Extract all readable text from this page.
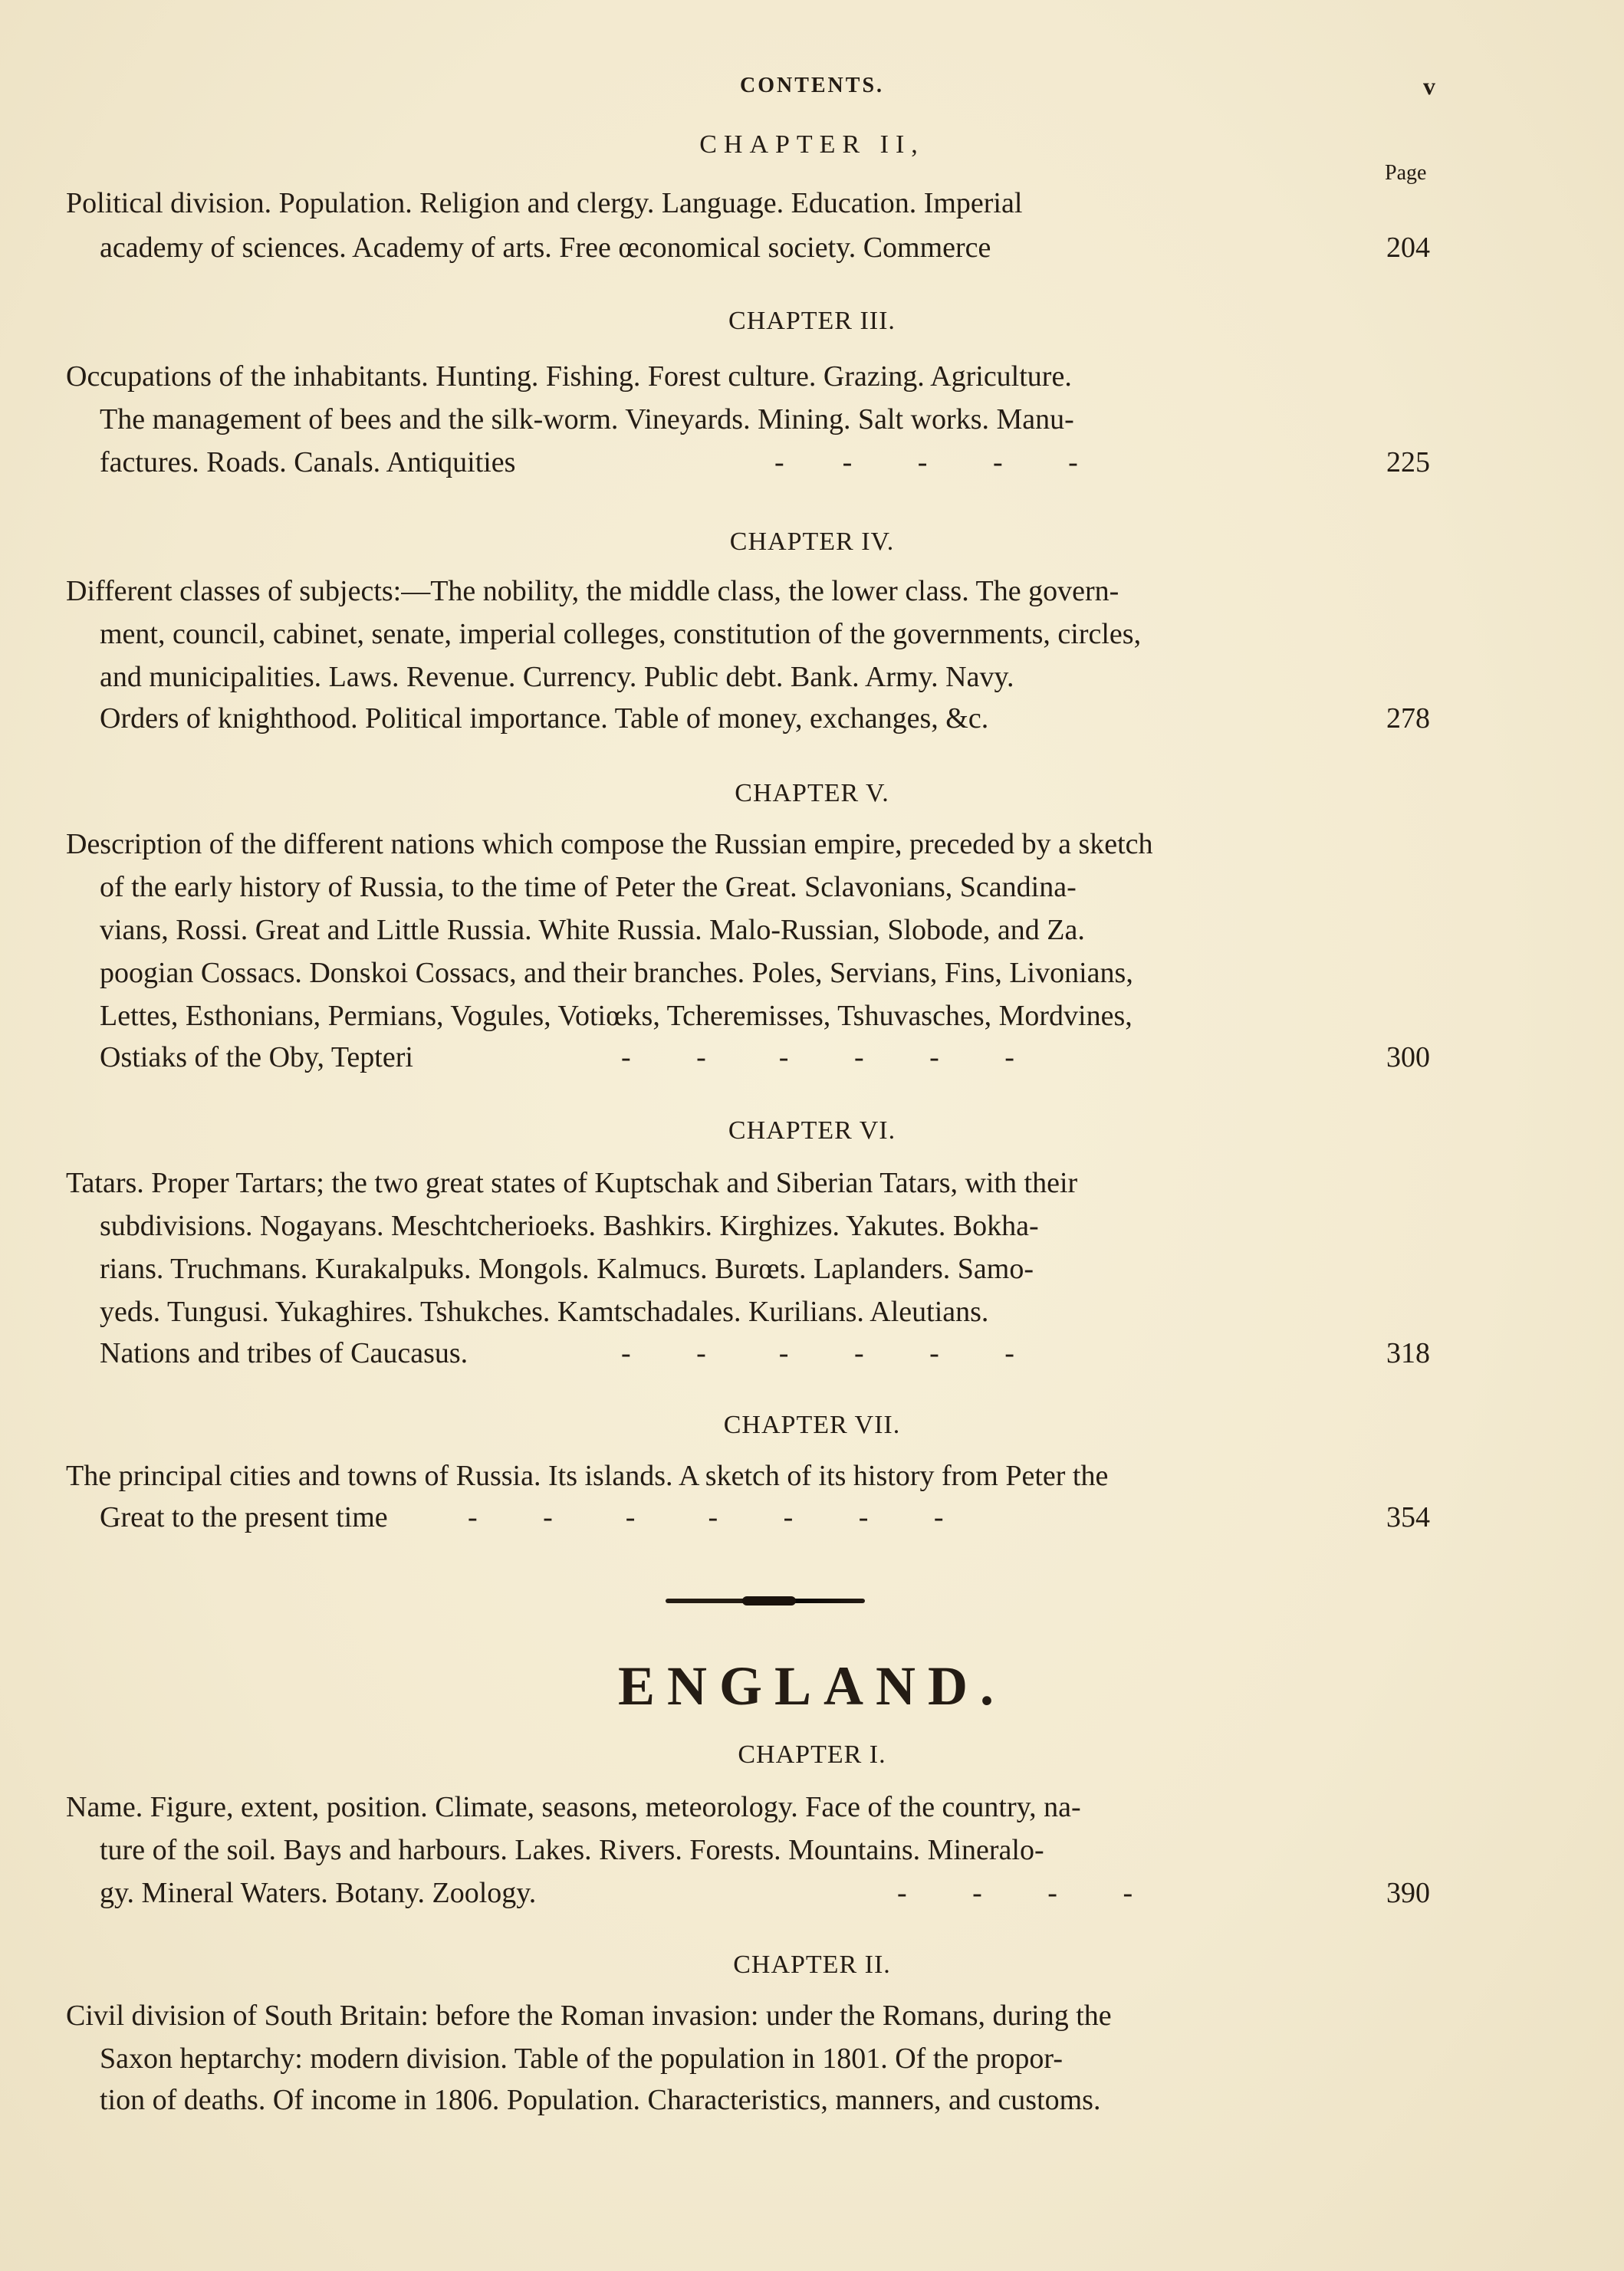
CONTENTS.	v
CHAPTER II,
Page
Political division. Population. Religion and clergy. Language. Education. Imperial
academy of sciences. Academy of arts. Free œconomical society. Commerce	204
CHAPTER III.
Occupations of the inhabitants. Hunting. Fishing. Forest culture. Grazing. Agriculture.
The management of bees and the silk-worm. Vineyards. Mining. Salt works. Manu-
factures. Roads. Canals. Antiquities	-        -         -         -         -	225
CHAPTER IV.
Different classes of subjects:—The nobility, the middle class, the lower class. The govern-
ment, council, cabinet, senate, imperial colleges, constitution of the governments, circles,
and municipalities. Laws. Revenue. Currency. Public debt. Bank. Army. Navy.
Orders of knighthood. Political importance. Table of money, exchanges, &c.	278
CHAPTER V.
Description of the different nations which compose the Russian empire, preceded by a sketch
of the early history of Russia, to the time of Peter the Great. Sclavonians, Scandina-
vians, Rossi. Great and Little Russia. White Russia. Malo-Russian, Slobode, and Za.
poogian Cossacs. Donskoi Cossacs, and their branches. Poles, Servians, Fins, Livonians,
Lettes, Esthonians, Permians, Vogules, Votiœks, Tcheremisses, Tshuvasches, Mordvines,
Ostiaks of the Oby, Tepteri	-         -          -         -         -         -	300
CHAPTER VI.
Tatars. Proper Tartars; the two great states of Kuptschak and Siberian Tatars, with their
subdivisions. Nogayans. Meschtcherioeks. Bashkirs. Kirghizes. Yakutes. Bokha-
rians. Truchmans. Kurakalpuks. Mongols. Kalmucs. Burœts. Laplanders. Samo-
yeds. Tungusi. Yukaghires. Tshukches. Kamtschadales. Kurilians. Aleutians.
Nations and tribes of Caucasus.	-         -          -         -         -         -	318
CHAPTER VII.
The principal cities and towns of Russia. Its islands. A sketch of its history from Peter the
Great to the present time	-         -          -          -         -         -         -	354
ENGLAND.
CHAPTER I.
Name. Figure, extent, position. Climate, seasons, meteorology. Face of the country, na-
ture of the soil. Bays and harbours. Lakes. Rivers. Forests. Mountains. Mineralo-
gy. Mineral Waters. Botany. Zoology.	-         -         -         -	390
CHAPTER II.
Civil division of South Britain: before the Roman invasion: under the Romans, during the
Saxon heptarchy: modern division. Table of the population in 1801. Of the propor-
tion of deaths. Of income in 1806. Population. Characteristics, manners, and customs.
